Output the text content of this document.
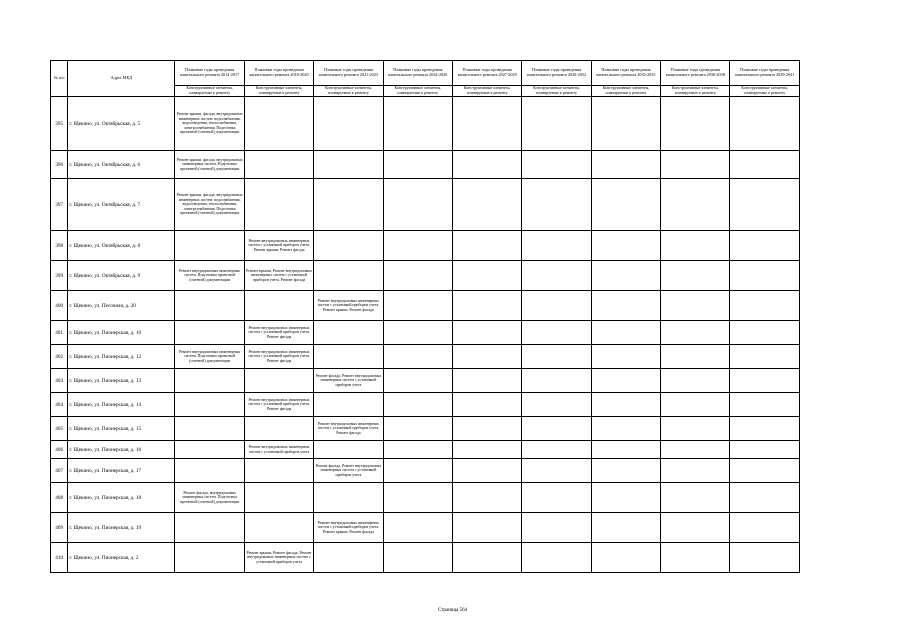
№ п/п	Адрес МКД	Плановые годы проведения капитального ремонта 2014-2017	Плановые годы проведения капитального ремонта 2018-2020	Плановые годы проведения капитального ремонта 2021-2023	Плановые годы проведения капитального ремонта 2024-2026	Плановые годы проведения капитального ремонта 2027-2029	Плановые годы проведения капитального ремонта 2030-2032	Плановые годы проведения капитального ремонта 2033-2035	Плановые годы проведения капитального ремонта 2036-2038	Плановые годы проведения капитального ремонта 2039-2041
		Конструктивные элементы, планируемые к ремонту	Конструктивные элементы, планируемые к ремонту	Конструктивные элементы, планируемые к ремонту	Конструктивные элементы, планируемые к ремонту	Конструктивные элементы, планируемые к ремонту	Конструктивные элементы, планируемые к ремонту	Конструктивные элементы, планируемые к ремонту	Конструктивные элементы, планируемые к ремонту	Конструктивные элементы, планируемые к ремонту
395	г. Щекино, ул. Октябрьская, д. 5	Ремонт крыши, фасада, внутридомовых инженерных систем: водоснабжения, водоотведения, теплоснабжения, электроснабжения. Подготовка проектной (сметной) документации								
396	г. Щекино, ул. Октябрьская, д. 6	Ремонт крыши, фасада, внутридомовых инженерных систем. Подготовка проектной (сметной) документации								
397	г. Щекино, ул. Октябрьская, д. 7	Ремонт крыши, фасада, внутридомовых инженерных систем: водоснабжения, водоотведения, теплоснабжения, электроснабжения. Подготовка проектной (сметной) документации								
398	г. Щекино, ул. Октябрьская, д. 8		Ремонт внутридомовых инженерных систем с установкой приборов учета, Ремонт крыши, Ремонт фасада							
399	г. Щекино, ул. Октябрьская, д. 9	Ремонт внутридомовых инженерных систем. Подготовка проектной (сметной) документации	Ремонт крыши, Ремонт внутридомовых инженерных систем с установкой приборов учета, Ремонт фасада							
400	г. Щекино, ул. Песочная, д. 20			Ремонт внутридомовых инженерных систем с установкой приборов учета, Ремонт крыши, Ремонт фасада						
401	г. Щекино, ул. Пионерская, д. 10		Ремонт внутридомовых инженерных систем с установкой приборов учета, Ремонт фасада							
402	г. Щекино, ул. Пионерская, д. 12	Ремонт внутридомовых инженерных систем. Подготовка проектной (сметной) документации	Ремонт внутридомовых инженерных систем с установкой приборов учета, Ремонт фасада							
403	г. Щекино, ул. Пионерская, д. 13			Ремонт фасада, Ремонт внутридомовых инженерных систем с установкой приборов учета						
404	г. Щекино, ул. Пионерская, д. 14		Ремонт внутридомовых инженерных систем с установкой приборов учета, Ремонт фасада							
405	г. Щекино, ул. Пионерская, д. 15			Ремонт внутридомовых инженерных систем с установкой приборов учета, Ремонт фасада						
406	г. Щекино, ул. Пионерская, д. 16		Ремонт внутридомовых инженерных систем с установкой приборов учета							
407	г. Щекино, ул. Пионерская, д. 17			Ремонт фасада, Ремонт внутридомовых инженерных систем с установкой приборов учета						
408	г. Щекино, ул. Пионерская, д. 18	Ремонт фасада, внутридомовых инженерных систем. Подготовка проектной (сметной) документации								
409	г. Щекино, ул. Пионерская, д. 19			Ремонт внутридомовых инженерных систем с установкой приборов учета, Ремонт крыши, Ремонт фасада						
410	г. Щекино, ул. Пионерская, д. 2		Ремонт крыши, Ремонт фасада, Ремонт внутридомовых инженерных систем с установкой приборов учета							
Страница 564
